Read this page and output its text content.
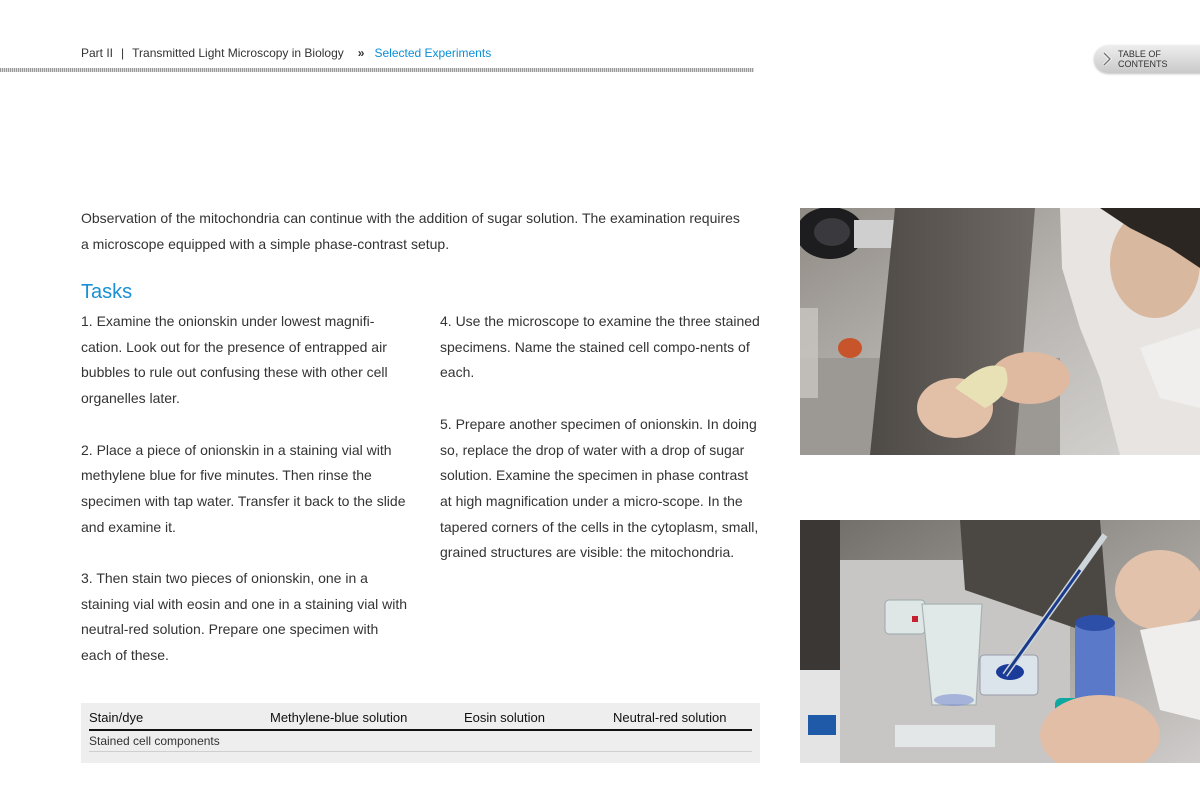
Part II | Transmitted Light Microscopy in Biology » Selected Experiments	TABLE OF
CONTENTS
Observation of the mitochondria can continue with the addition of sugar solution. The examination requires a microscope equipped with a simple phase-contrast setup.
Tasks

1. Examine the onionskin under lowest magnifi-cation. Look out for the presence of entrapped air bubbles to rule out confusing these with other cell organelles later.

2. Place a piece of onionskin in a staining vial with methylene blue for five minutes. Then rinse the specimen with tap water. Transfer it back to the slide and examine it.

3. Then stain two pieces of onionskin, one in a staining vial with eosin and one in a staining vial with neutral-red solution. Prepare one specimen with each of these.

4. Use the microscope to examine the three stained specimens. Name the stained cell compo-nents of each.

5. Prepare another specimen of onionskin. In doing so, replace the drop of water with a drop of sugar solution. Examine the specimen in phase contrast at high magnification under a micro-scope. In the tapered corners of the cells in the cytoplasm, small, grained structures are visible: the mitochondria.

Stain/dye	Methylene-blue solution	Eosin solution	Neutral-red solution
Stained cell components
